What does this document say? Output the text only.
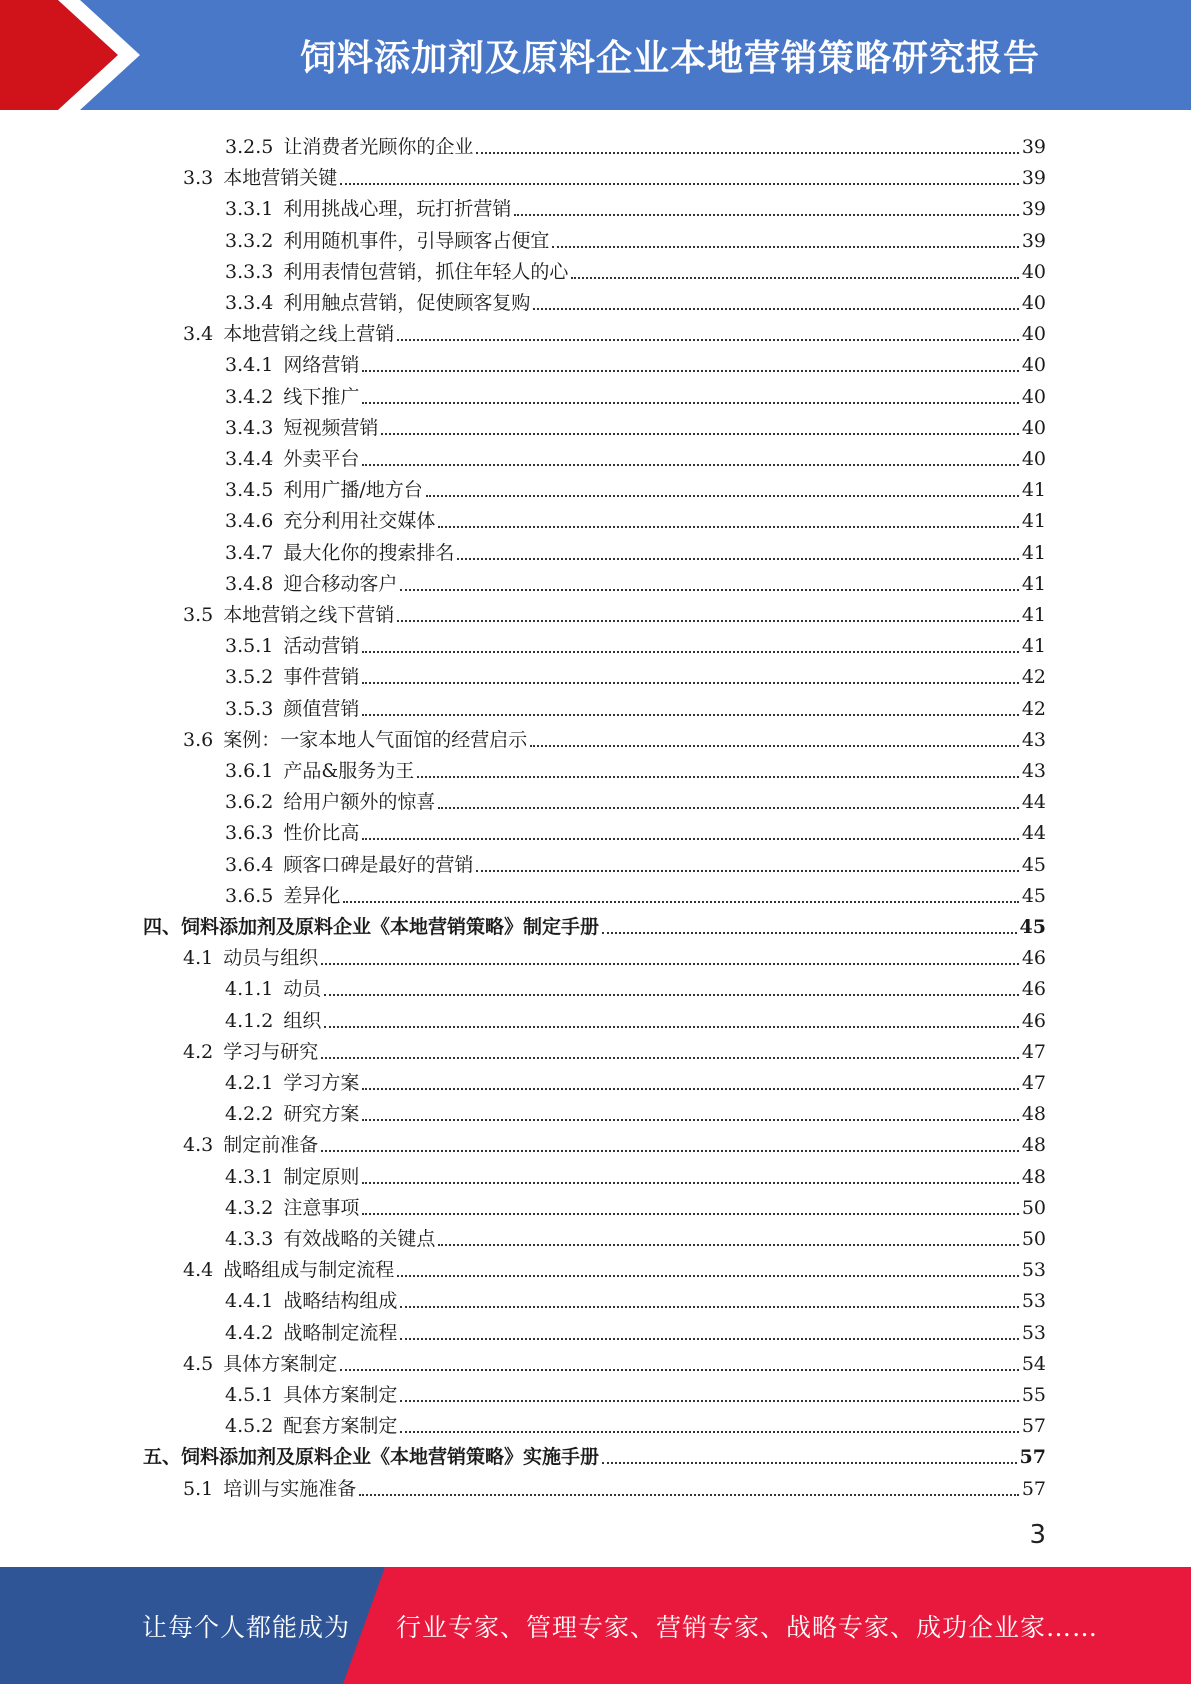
饲料添加剂及原料企业本地营销策略研究报告
3.2.5 让消费者光顾你的企业	39
3.3 本地营销关键	39
3.3.1 利用挑战心理，玩打折营销	39
3.3.2 利用随机事件，引导顾客占便宜	39
3.3.3 利用表情包营销，抓住年轻人的心	40
3.3.4 利用触点营销，促使顾客复购	40
3.4 本地营销之线上营销	40
3.4.1 网络营销	40
3.4.2 线下推广	40
3.4.3 短视频营销	40
3.4.4 外卖平台	40
3.4.5 利用广播/地方台	41
3.4.6 充分利用社交媒体	41
3.4.7 最大化你的搜索排名	41
3.4.8 迎合移动客户	41
3.5 本地营销之线下营销	41
3.5.1 活动营销	41
3.5.2 事件营销	42
3.5.3 颜值营销	42
3.6 案例：一家本地人气面馆的经营启示	43
3.6.1 产品&服务为王	43
3.6.2 给用户额外的惊喜	44
3.6.3 性价比高	44
3.6.4 顾客口碑是最好的营销	45
3.6.5 差异化	45
四、饲料添加剂及原料企业《本地营销策略》制定手册	45
4.1 动员与组织	46
4.1.1 动员	46
4.1.2 组织	46
4.2 学习与研究	47
4.2.1 学习方案	47
4.2.2 研究方案	48
4.3 制定前准备	48
4.3.1 制定原则	48
4.3.2 注意事项	50
4.3.3 有效战略的关键点	50
4.4 战略组成与制定流程	53
4.4.1 战略结构组成	53
4.4.2 战略制定流程	53
4.5 具体方案制定	54
4.5.1 具体方案制定	55
4.5.2 配套方案制定	57
五、饲料添加剂及原料企业《本地营销策略》实施手册	57
5.1 培训与实施准备	57
3
让每个人都能成为 行业专家、管理专家、营销专家、战略专家、成功企业家……
